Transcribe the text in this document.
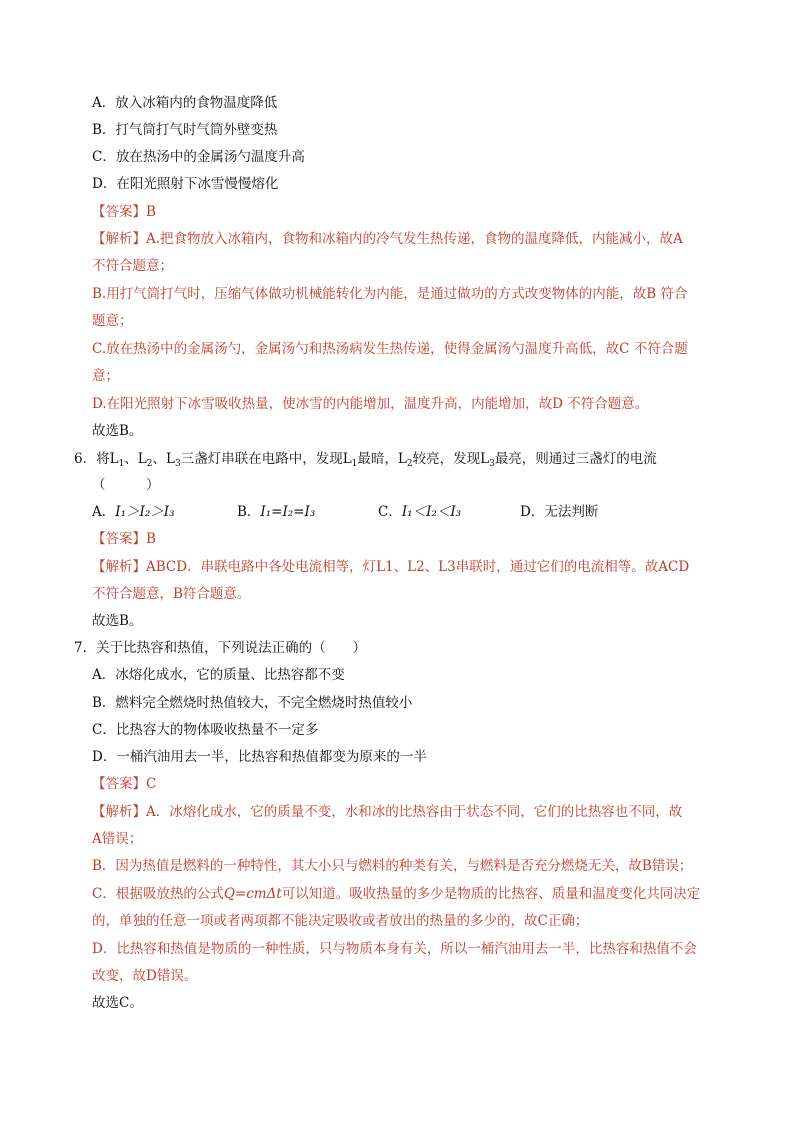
A．放入冰箱内的食物温度降低
B．打气筒打气时气筒外壁变热
C．放在热汤中的金属汤勺温度升高
D．在阳光照射下冰雪慢慢熔化
【答案】B
【解析】A.把食物放入冰箱内，食物和冰箱内的冷气发生热传递，食物的温度降低，内能减小，故A
不符合题意；
B.用打气筒打气时，压缩气体做功机械能转化为内能，是通过做功的方式改变物体的内能，故B 符合
题意；
C.放在热汤中的金属汤勺，金属汤勺和热汤病发生热传递，使得金属汤勺温度升高低，故C 不符合题
意；
D.在阳光照射下冰雪吸收热量，使冰雪的内能增加，温度升高，内能增加，故D 不符合题意。
故选B。
6．将$L_1$、$L_2$、$L_3$三盏灯串联在电路中，发现$L_1$最暗，$L_2$较亮，发现$L_3$最亮，则通过三盏灯的电流
（　　　）
A．I₁＞I₂＞I₃	B．I₁=I₂=I₃	C．I₁＜I₂＜I₃	D．无法判断
【答案】B
【解析】ABCD．串联电路中各处电流相等，灯L1、L2、L3串联时，通过它们的电流相等。故ACD
不符合题意，B符合题意。
故选B。
7．关于比热容和热值，下列说法正确的（　　）
A．冰熔化成水，它的质量、比热容都不变
B．燃料完全燃烧时热值较大，不完全燃烧时热值较小
C．比热容大的物体吸收热量不一定多
D．一桶汽油用去一半，比热容和热值都变为原来的一半
【答案】C
【解析】A．冰熔化成水，它的质量不变，水和冰的比热容由于状态不同，它们的比热容也不同，故
A错误；
B．因为热值是燃料的一种特性，其大小只与燃料的种类有关，与燃料是否充分燃烧无关，故B错误；
C．根据吸放热的公式Q=cmΔt可以知道。吸收热量的多少是物质的比热容、质量和温度变化共同决定
的，单独的任意一项或者两项都不能决定吸收或者放出的热量的多少的，故C正确；
D．比热容和热值是物质的一种性质，只与物质本身有关，所以一桶汽油用去一半，比热容和热值不会
改变，故D错误。
故选C。
